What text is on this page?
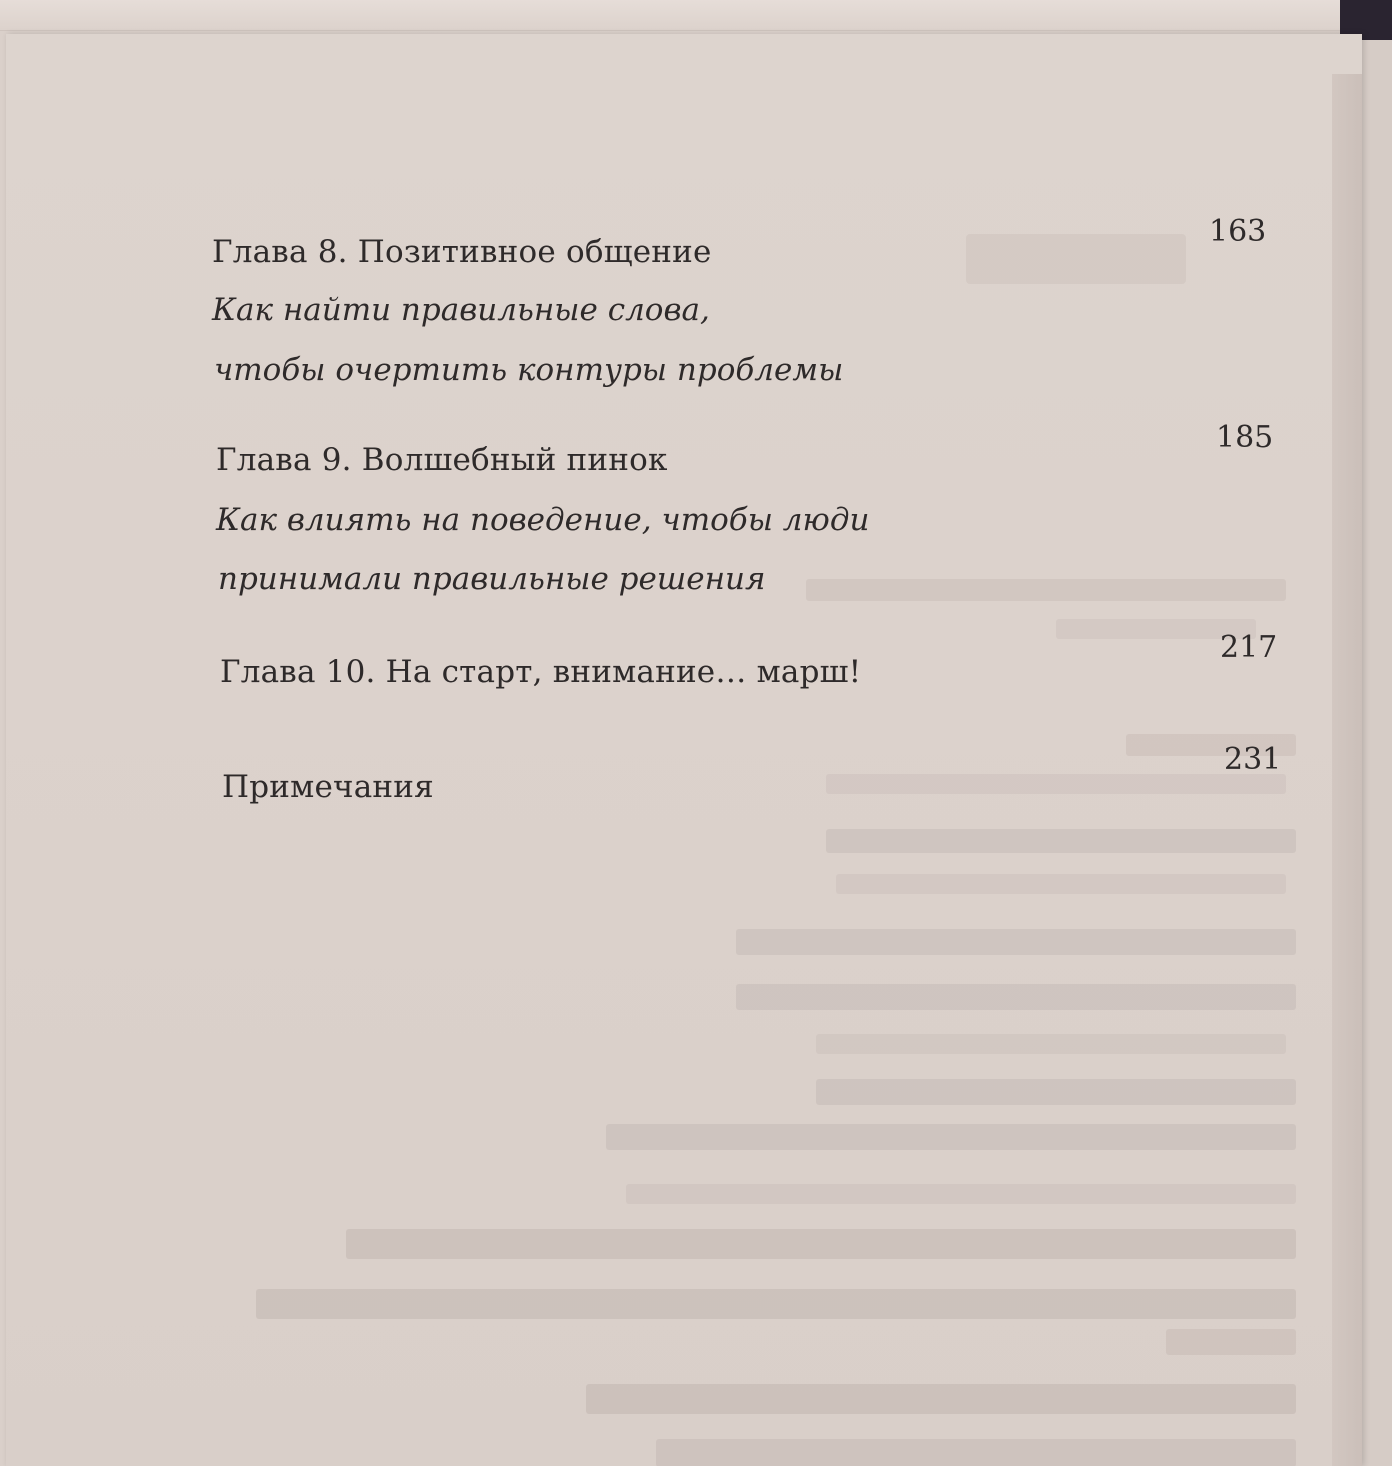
Глава 8. Позитивное общение
Как найти правильные слова,
чтобы очертить контуры проблемы
163
Глава 9. Волшебный пинок
Как влиять на поведение, чтобы люди
принимали правильные решения
185
Глава 10. На старт, внимание… марш!
217
Примечания
231
